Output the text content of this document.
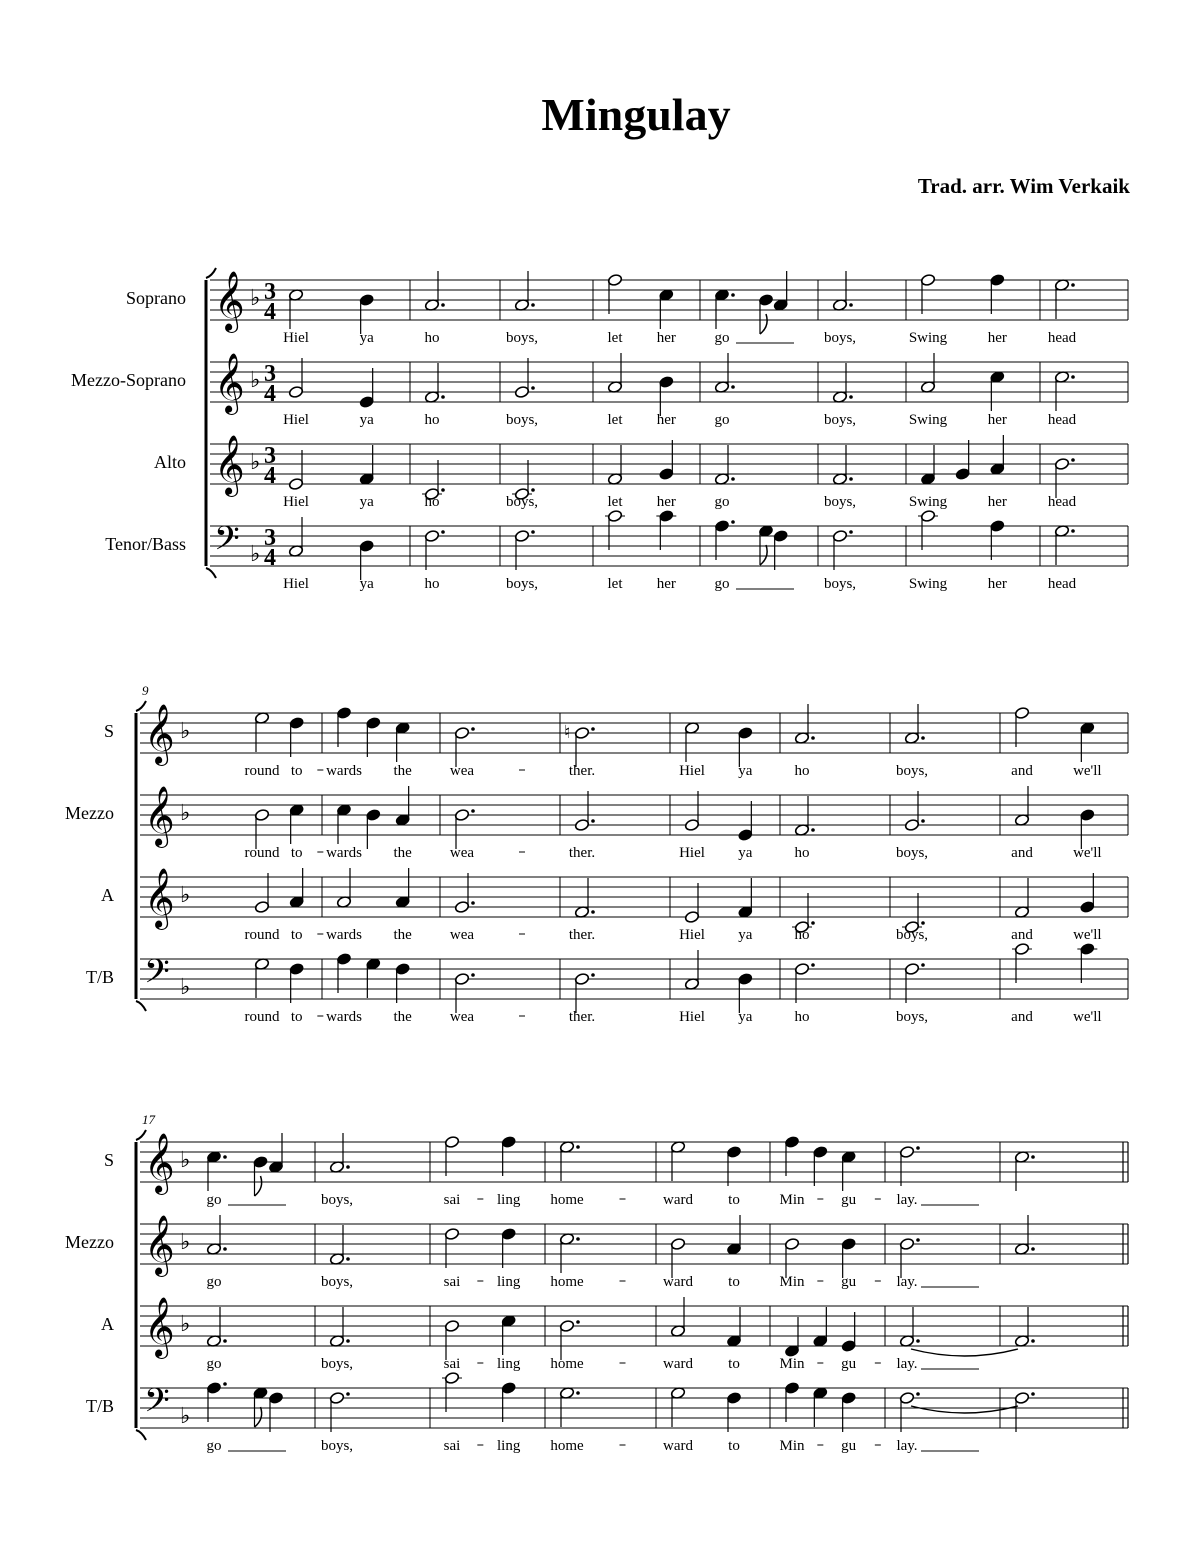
Mingulay
Trad. arr. Wim Verkaik
Soprano 𝄞 ♭ 3
4
Hiel	ya	ho	boys,	let her	go	boys,	Swing	her	head
Mezzo-Soprano 𝄞 ♭ 3
4
Hiel	ya	ho	boys,	let her	go	boys,	Swing	her	head
Alto 𝄞 ♭ 3
4
Hiel	ya	ho	boys,	let her	go	boys,	Swing	her	head
Tenor/Bass 𝄢 ♭
3
4
Hiel	ya	ho	boys,	let her	go	boys,	Swing	her	head
9
S 𝄞 ♭	♮
round to wards the	wea	ther.	Hiel ya	ho	boys,	and	we'll
Mezzo 𝄞 ♭
round to wards the	wea	ther.	Hiel ya	ho	boys,	and	we'll
A 𝄞 ♭
round to wards the	wea	ther.	Hiel ya	ho	boys,	and	we'll
T/B 𝄢 ♭
round to wards the	wea	ther.	Hiel ya	ho	boys,	and	we'll
17
S 𝄞 ♭
go	boys,	sai ling home	ward to	Min gu	lay.
Mezzo 𝄞 ♭
go	boys,	sai ling home	ward to	Min gu	lay.
A 𝄞 ♭
go	boys,	sai ling home	ward to	Min gu	lay.
T/B 𝄢 ♭
go	boys,	sai ling home	ward to	Min gu	lay.
